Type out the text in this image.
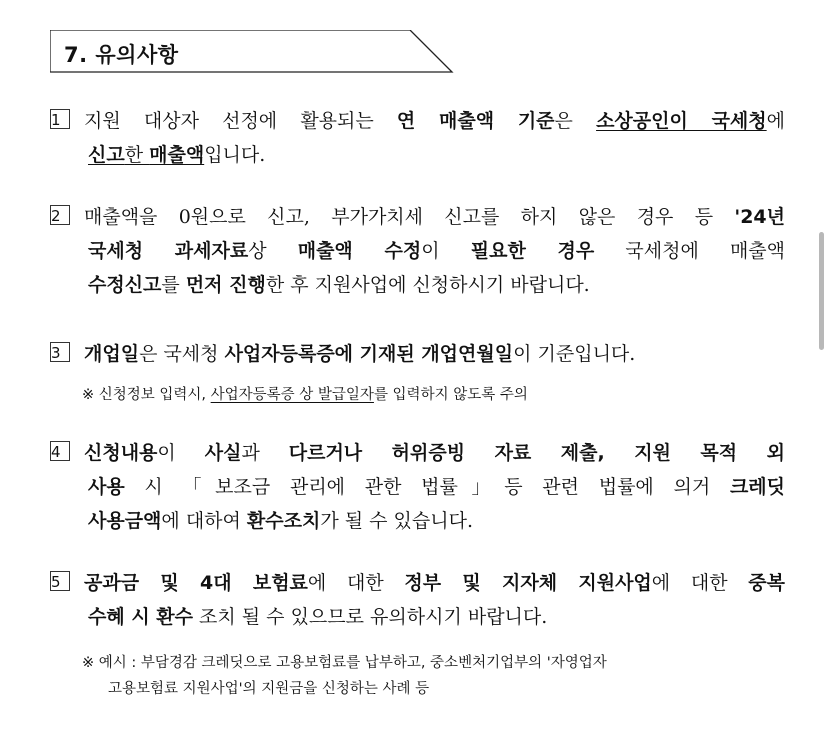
7. 유의사항
1 지원 대상자 선정에 활용되는 연 매출액 기준은 소상공인이 국세청에
신고한 매출액입니다.
2 매출액을 0원으로 신고, 부가가치세 신고를 하지 않은 경우 등 '24년
국세청 과세자료상 매출액 수정이 필요한 경우 국세청에 매출액
수정신고를 먼저 진행한 후 지원사업에 신청하시기 바랍니다.
3 개업일은 국세청 사업자등록증에 기재된 개업연월일이 기준입니다.
※ 신청정보 입력시, 사업자등록증 상 발급일자를 입력하지 않도록 주의
4 신청내용이 사실과 다르거나 허위증빙 자료 제출, 지원 목적 외
사용 시 「보조금 관리에 관한 법률」등 관련 법률에 의거 크레딧
사용금액에 대하여 환수조치가 될 수 있습니다.
5 공과금 및 4대 보험료에 대한 정부 및 지자체 지원사업에 대한 중복
수혜 시 환수 조치 될 수 있으므로 유의하시기 바랍니다.
※ 예시 : 부담경감 크레딧으로 고용보험료를 납부하고, 중소벤처기업부의 '자영업자
고용보험료 지원사업'의 지원금을 신청하는 사례 등
